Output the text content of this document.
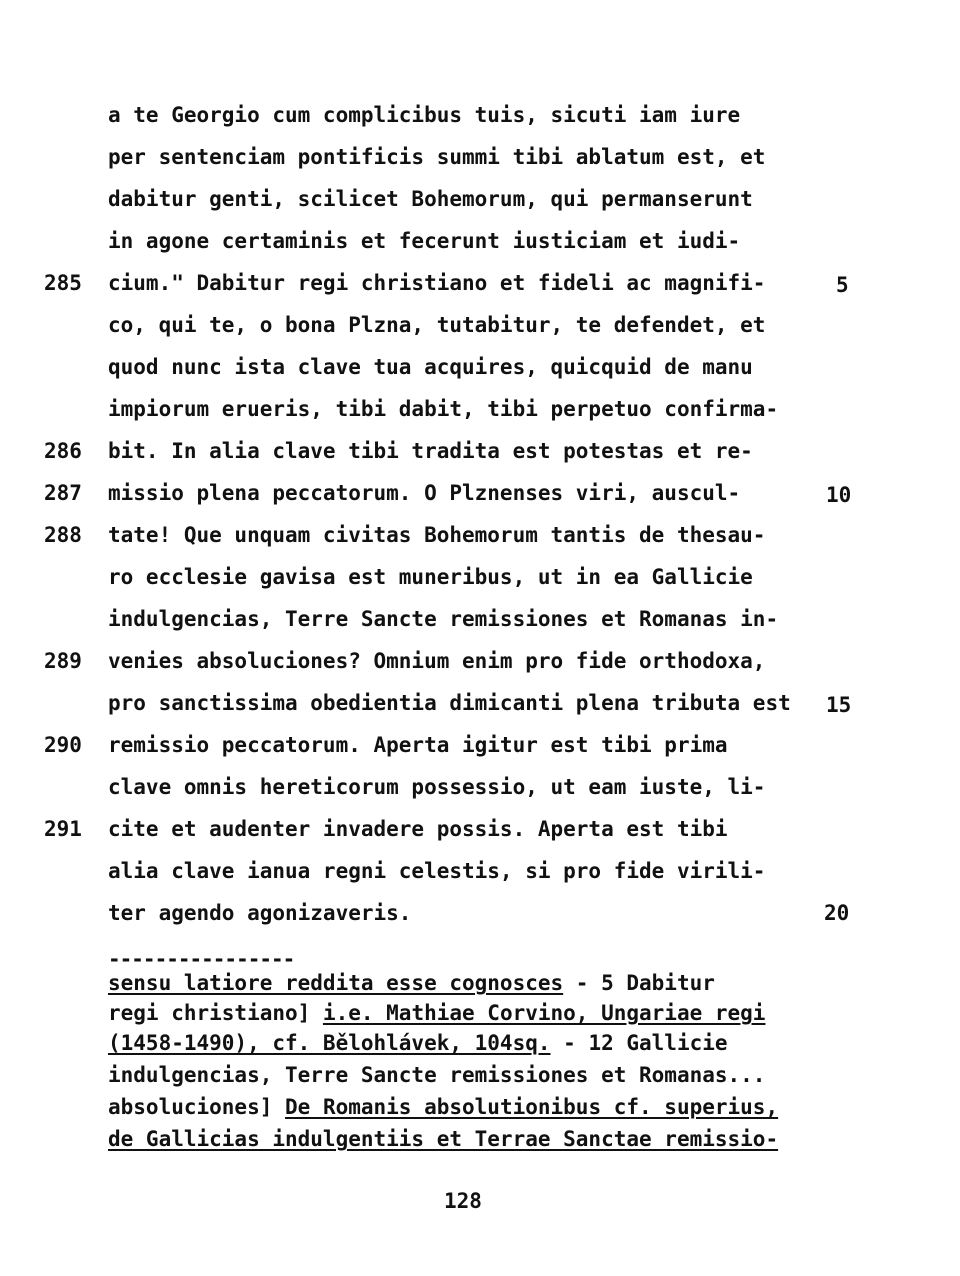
a te Georgio cum complicibus tuis, sicuti iam iure
per sentenciam pontificis summi tibi ablatum est, et
dabitur genti, scilicet Bohemorum, qui permanserunt
in agone certaminis et fecerunt iusticiam et iudi-
cium." Dabitur regi christiano et fideli ac magnifi-
co, qui te, o bona Plzna, tutabitur, te defendet, et
quod nunc ista clave tua acquires, quicquid de manu
impiorum erueris, tibi dabit, tibi perpetuo confirma-
bit. In alia clave tibi tradita est potestas et re-
missio plena peccatorum. O Plznenses viri, auscul-
tate! Que unquam civitas Bohemorum tantis de thesau-
ro ecclesie gavisa est muneribus, ut in ea Gallicie
indulgencias, Terre Sancte remissiones et Romanas in-
venies absoluciones? Omnium enim pro fide orthodoxa,
pro sanctissima obedientia dimicanti plena tributa est
remissio peccatorum. Aperta igitur est tibi prima
clave omnis hereticorum possessio, ut eam iuste, li-
cite et audenter invadere possis. Aperta est tibi
alia clave ianua regni celestis, si pro fide virili-
ter agendo agonizaveris.
285
286
287
288
289
290
291
5
10
15
20
----------------
sensu latiore reddita esse cognosces - 5 Dabitur
regi christiano] i.e. Mathiae Corvino, Ungariae regi
(1458-1490), cf. Bělohlávek, 104sq. - 12 Gallicie
indulgencias, Terre Sancte remissiones et Romanas...
absoluciones] De Romanis absolutionibus cf. superius,
de Gallicias indulgentiis et Terrae Sanctae remissio-
128
